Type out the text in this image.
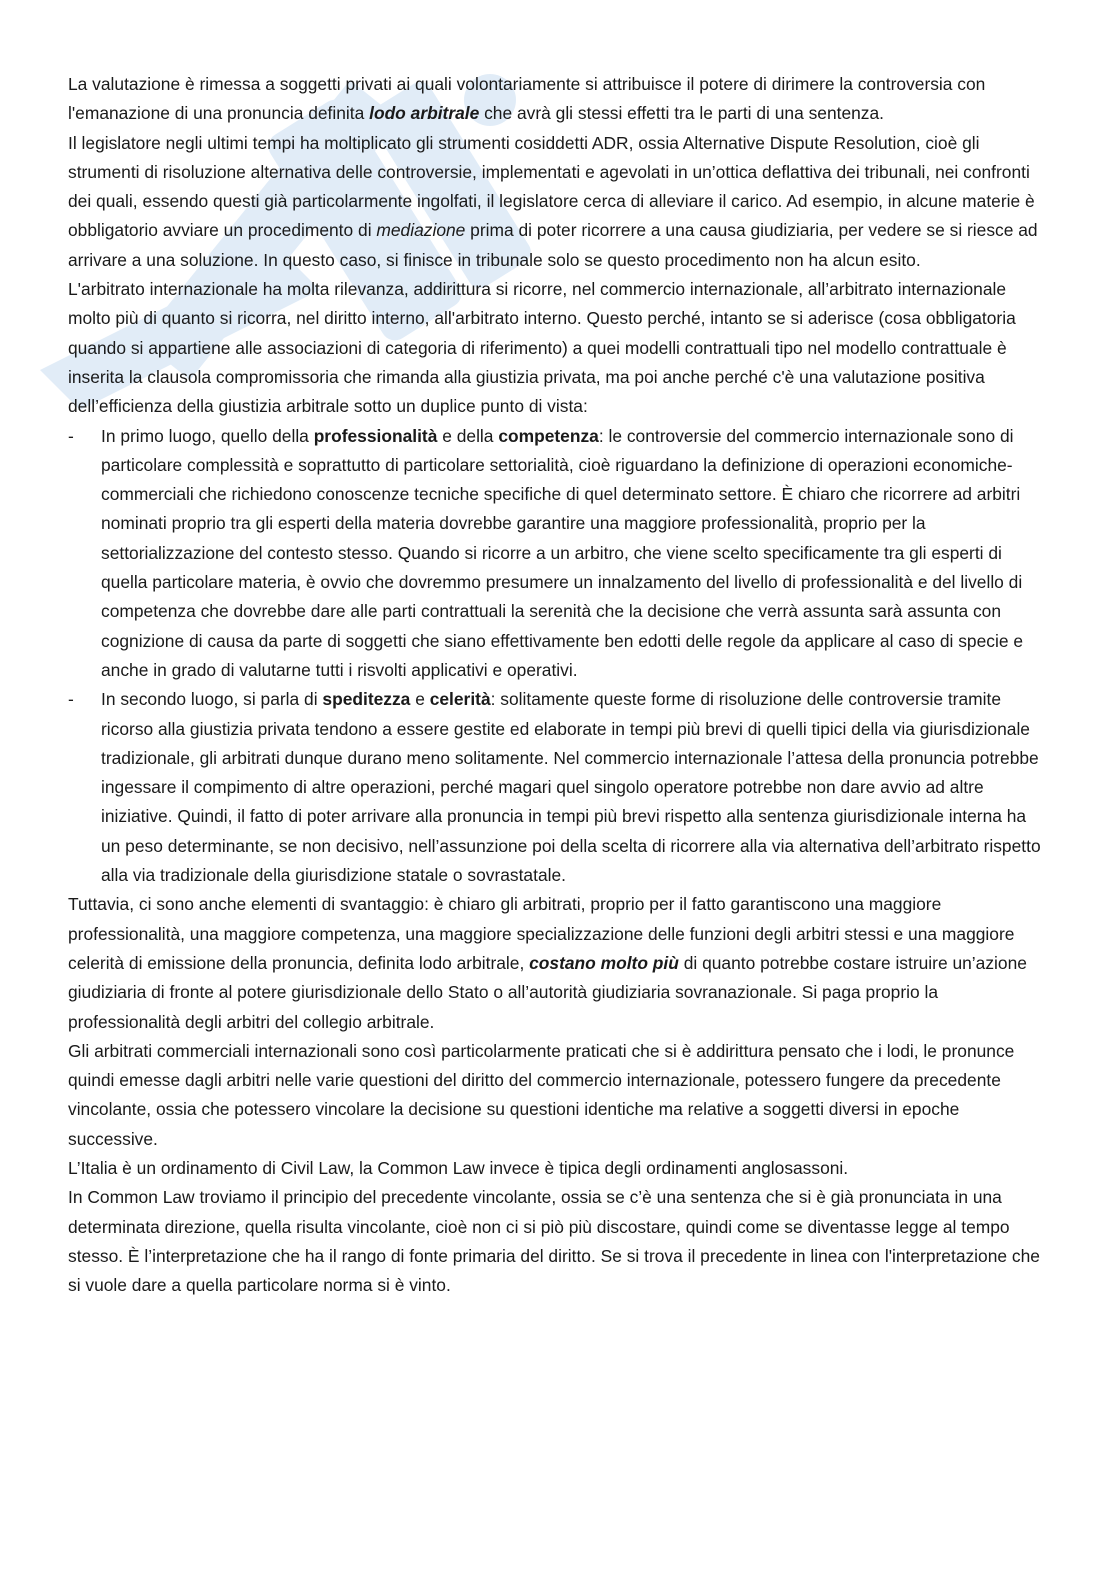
La valutazione è rimessa a soggetti privati ai quali volontariamente si attribuisce il potere di dirimere la controversia con l'emanazione di una pronuncia definita lodo arbitrale che avrà gli stessi effetti tra le parti di una sentenza.

Il legislatore negli ultimi tempi ha moltiplicato gli strumenti cosiddetti ADR, ossia Alternative Dispute Resolution, cioè gli strumenti di risoluzione alternativa delle controversie, implementati e agevolati in un’ottica deflattiva dei tribunali, nei confronti dei quali, essendo questi già particolarmente ingolfati, il legislatore cerca di alleviare il carico. Ad esempio, in alcune materie è obbligatorio avviare un procedimento di mediazione prima di poter ricorrere a una causa giudiziaria, per vedere se si riesce ad arrivare a una soluzione. In questo caso, si finisce in tribunale solo se questo procedimento non ha alcun esito.

L'arbitrato internazionale ha molta rilevanza, addirittura si ricorre, nel commercio internazionale, all’arbitrato internazionale molto più di quanto si ricorra, nel diritto interno, all'arbitrato interno. Questo perché, intanto se si aderisce (cosa obbligatoria quando si appartiene alle associazioni di categoria di riferimento) a quei modelli contrattuali tipo nel modello contrattuale è inserita la clausola compromissoria che rimanda alla giustizia privata, ma poi anche perché c'è una valutazione positiva dell’efficienza della giustizia arbitrale sotto un duplice punto di vista:

- In primo luogo, quello della professionalità e della competenza: le controversie del commercio internazionale sono di particolare complessità e soprattutto di particolare settorialità, cioè riguardano la definizione di operazioni economiche-commerciali che richiedono conoscenze tecniche specifiche di quel determinato settore. È chiaro che ricorrere ad arbitri nominati proprio tra gli esperti della materia dovrebbe garantire una maggiore professionalità, proprio per la settorializzazione del contesto stesso. Quando si ricorre a un arbitro, che viene scelto specificamente tra gli esperti di quella particolare materia, è ovvio che dovremmo presumere un innalzamento del livello di professionalità e del livello di competenza che dovrebbe dare alle parti contrattuali la serenità che la decisione che verrà assunta sarà assunta con cognizione di causa da parte di soggetti che siano effettivamente ben edotti delle regole da applicare al caso di specie e anche in grado di valutarne tutti i risvolti applicativi e operativi.
- In secondo luogo, si parla di speditezza e celerità: solitamente queste forme di risoluzione delle controversie tramite ricorso alla giustizia privata tendono a essere gestite ed elaborate in tempi più brevi di quelli tipici della via giurisdizionale tradizionale, gli arbitrati dunque durano meno solitamente. Nel commercio internazionale l’attesa della pronuncia potrebbe ingessare il compimento di altre operazioni, perché magari quel singolo operatore potrebbe non dare avvio ad altre iniziative. Quindi, il fatto di poter arrivare alla pronuncia in tempi più brevi rispetto alla sentenza giurisdizionale interna ha un peso determinante, se non decisivo, nell’assunzione poi della scelta di ricorrere alla via alternativa dell’arbitrato rispetto alla via tradizionale della giurisdizione statale o sovrastatale.

Tuttavia, ci sono anche elementi di svantaggio: è chiaro gli arbitrati, proprio per il fatto garantiscono una maggiore professionalità, una maggiore competenza, una maggiore specializzazione delle funzioni degli arbitri stessi e una maggiore celerità di emissione della pronuncia, definita lodo arbitrale, costano molto più di quanto potrebbe costare istruire un’azione giudiziaria di fronte al potere giurisdizionale dello Stato o all’autorità giudiziaria sovranazionale. Si paga proprio la professionalità degli arbitri del collegio arbitrale.

Gli arbitrati commerciali internazionali sono così particolarmente praticati che si è addirittura pensato che i lodi, le pronunce quindi emesse dagli arbitri nelle varie questioni del diritto del commercio internazionale, potessero fungere da precedente vincolante, ossia che potessero vincolare la decisione su questioni identiche ma relative a soggetti diversi in epoche successive.

L’Italia è un ordinamento di Civil Law, la Common Law invece è tipica degli ordinamenti anglosassoni.

In Common Law troviamo il principio del precedente vincolante, ossia se c’è una sentenza che si è già pronunciata in una determinata direzione, quella risulta vincolante, cioè non ci si piò più discostare, quindi come se diventasse legge al tempo stesso. È l’interpretazione che ha il rango di fonte primaria del diritto. Se si trova il precedente in linea con l'interpretazione che si vuole dare a quella particolare norma si è vinto.
